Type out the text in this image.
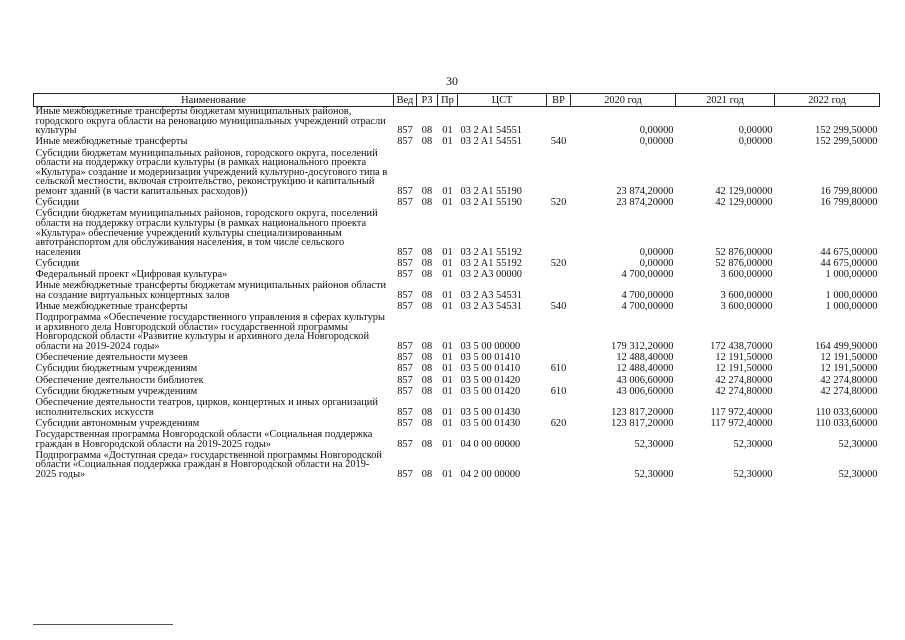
30
Наименование	Вед	РЗ	Пр	ЦСТ	ВР	2020 год	2021 год	2022 год
Иные межбюджетные трансферты бюджетам муниципальных районов, городского округа области на реновацию муниципальных учреждений отрасли культуры	857	08	01	03 2 A1 54551		0,00000	0,00000	152 299,50000
Иные межбюджетные трансферты	857	08	01	03 2 A1 54551	540	0,00000	0,00000	152 299,50000
Субсидии бюджетам муниципальных районов, городского округа, поселений области на поддержку отрасли культуры (в рамках национального проекта «Культура» создание и модернизация учреждений культурно-досугового типа в сельской местности, включая строительство, реконструкцию и капитальный ремонт зданий (в части капитальных расходов))	857	08	01	03 2 A1 55190		23 874,20000	42 129,00000	16 799,80000
Субсидии	857	08	01	03 2 A1 55190	520	23 874,20000	42 129,00000	16 799,80000
Субсидии бюджетам муниципальных районов, городского округа, поселений области на поддержку отрасли культуры (в рамках национального проекта «Культура» обеспечение учреждений культуры специализированным автотранспортом для обслуживания населения, в том числе сельского населения	857	08	01	03 2 A1 55192		0,00000	52 876,00000	44 675,00000
Субсидии	857	08	01	03 2 A1 55192	520	0,00000	52 876,00000	44 675,00000
Федеральный проект «Цифровая культура»	857	08	01	03 2 A3 00000		4 700,00000	3 600,00000	1 000,00000
Иные межбюджетные трансферты бюджетам муниципальных районов области на создание виртуальных концертных залов	857	08	01	03 2 A3 54531		4 700,00000	3 600,00000	1 000,00000
Иные межбюджетные трансферты	857	08	01	03 2 A3 54531	540	4 700,00000	3 600,00000	1 000,00000
Подпрограмма «Обеспечение государственного управления в сферах культуры и архивного дела Новгородской области» государственной программы Новгородской области «Развитие культуры и архивного дела Новгородской области на 2019-2024 годы»	857	08	01	03 5 00 00000		179 312,20000	172 438,70000	164 499,90000
Обеспечение деятельности музеев	857	08	01	03 5 00 01410		12 488,40000	12 191,50000	12 191,50000
Субсидии бюджетным учреждениям	857	08	01	03 5 00 01410	610	12 488,40000	12 191,50000	12 191,50000
Обеспечение деятельности библиотек	857	08	01	03 5 00 01420		43 006,60000	42 274,80000	42 274,80000
Субсидии бюджетным учреждениям	857	08	01	03 5 00 01420	610	43 006,60000	42 274,80000	42 274,80000
Обеспечение деятельности театров, цирков, концертных и иных организаций исполнительских искусств	857	08	01	03 5 00 01430		123 817,20000	117 972,40000	110 033,60000
Субсидии автономным учреждениям	857	08	01	03 5 00 01430	620	123 817,20000	117 972,40000	110 033,60000
Государственная программа Новгородской области «Социальная поддержка граждан в Новгородской области на 2019-2025 годы»	857	08	01	04 0 00 00000		52,30000	52,30000	52,30000
Подпрограмма «Доступная среда» государственной программы Новгородской области «Социальная поддержка граждан в Новгородской области на 2019-2025 годы»	857	08	01	04 2 00 00000		52,30000	52,30000	52,30000
